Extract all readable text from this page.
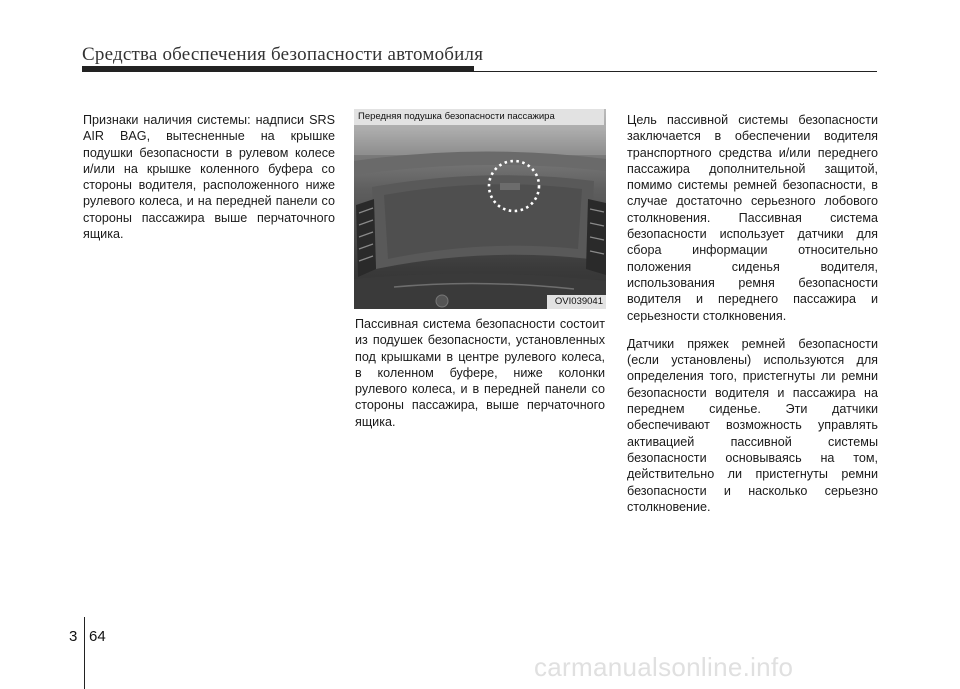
Средства обеспечения безопасности автомобиля

Признаки наличия системы: надписи SRS AIR BAG, вытесненные на крышке подушки безопасности в рулевом колесе и/или на крышке коленного буфера со стороны водителя, расположенного ниже рулевого колеса, и на передней панели со стороны пассажира выше перчаточного ящика.

Передняя подушка безопасности пассажира
OVI039041

Пассивная система безопасности состоит из подушек безопасности, установленных под крышками в центре рулевого колеса, в коленном буфере, ниже колонки рулевого колеса, и в передней панели со стороны пассажира, выше перчаточного ящика.

Цель пассивной системы безопасности заключается в обеспечении водителя транспортного средства и/или переднего пассажира дополнительной защитой, помимо системы ремней безопасности, в случае достаточно серьезного лобового столкновения. Пассивная система безопасности использует датчики для сбора информации относительно положения сиденья водителя, использования ремня безопасности водителя и переднего пассажира и серьезности столкновения.

Датчики пряжек ремней безопасности (если установлены) используются для определения того, пристегнуты ли ремни безопасности водителя и пассажира на переднем сиденье. Эти датчики обеспечивают возможность управлять активацией пассивной системы безопасности основываясь на том, действительно ли пристегнуты ремни безопасности и насколько серьезно столкновение.

3 64
carmanualsonline.info
